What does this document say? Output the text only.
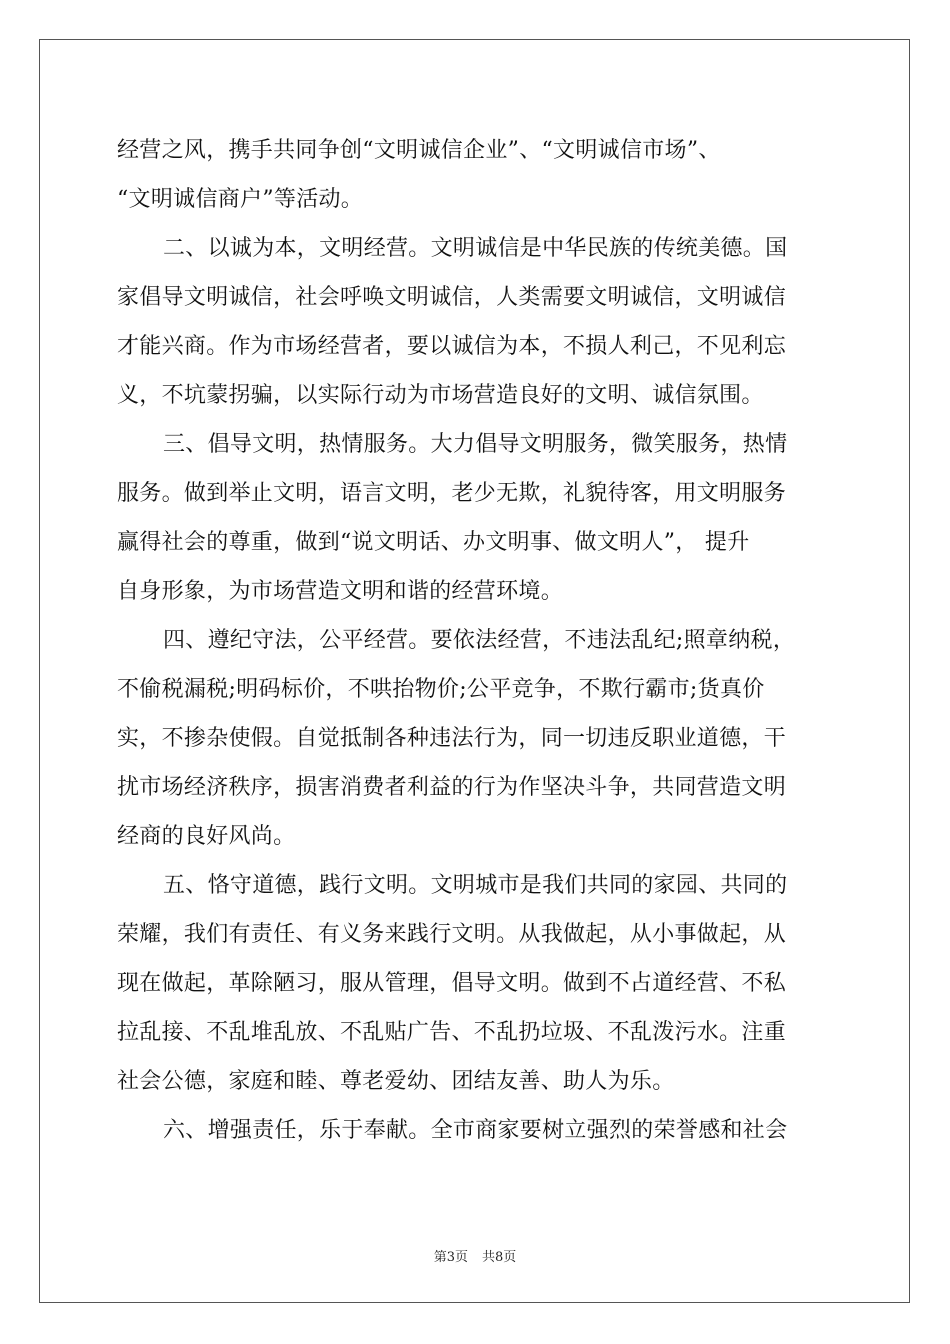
经营之风，携手共同争创“文明诚信企业”、“文明诚信市场”、
“文明诚信商户”等活动。
二、以诚为本，文明经营。文明诚信是中华民族的传统美德。国
家倡导文明诚信，社会呼唤文明诚信，人类需要文明诚信，文明诚信
才能兴商。作为市场经营者，要以诚信为本，不损人利己，不见利忘
义，不坑蒙拐骗，以实际行动为市场营造良好的文明、诚信氛围。
三、倡导文明，热情服务。大力倡导文明服务，微笑服务，热情
服务。做到举止文明，语言文明，老少无欺，礼貌待客，用文明服务
赢得社会的尊重，做到“说文明话、办文明事、做文明人”， 提升
自身形象，为市场营造文明和谐的经营环境。
四、遵纪守法，公平经营。要依法经营，不违法乱纪;照章纳税，
不偷税漏税;明码标价，不哄抬物价;公平竞争，不欺行霸市;货真价
实，不掺杂使假。自觉抵制各种违法行为，同一切违反职业道德，干
扰市场经济秩序，损害消费者利益的行为作坚决斗争，共同营造文明
经商的良好风尚。
五、恪守道德，践行文明。文明城市是我们共同的家园、共同的
荣耀，我们有责任、有义务来践行文明。从我做起，从小事做起，从
现在做起，革除陋习，服从管理，倡导文明。做到不占道经营、不私
拉乱接、不乱堆乱放、不乱贴广告、不乱扔垃圾、不乱泼污水。注重
社会公德，家庭和睦、尊老爱幼、团结友善、助人为乐。
六、增强责任，乐于奉献。全市商家要树立强烈的荣誉感和社会
第3页 共8页
